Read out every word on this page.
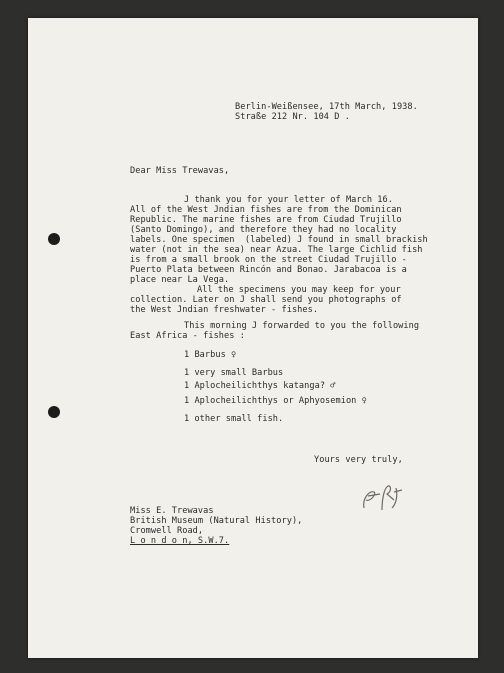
Berlin-Weißensee, 17th March, 1938.
Straße 212 Nr. 104 D .
Dear Miss Trewavas,
J thank you for your letter of March 16.
All of the West Jndian fishes are from the Dominican
Republic. The marine fishes are from Ciudad Trujillo
(Santo Domingo), and therefore they had no locality
labels. One specimen  (labeled) J found in small brackish
water (not in the sea) near Azua. The large Cichlid fish
is from a small brook on the street Ciudad Trujillo -
Puerto Plata between Rincón and Bonao. Jarabacoa is a
place near La Vega.
All the specimens you may keep for your
collection. Later on J shall send you photographs of
the West Jndian freshwater - fishes.
This morning J forwarded to you the following
East Africa - fishes :
1 Barbus ♀
1 very small Barbus
1 Aplocheilichthys katanga? ♂
1 Aplocheilichthys or Aphyosemion ♀
1 other small fish.
Yours very truly,
Miss E. Trewavas
British Museum (Natural History),
Cromwell Road,
L o n d o n, S.W.7.
